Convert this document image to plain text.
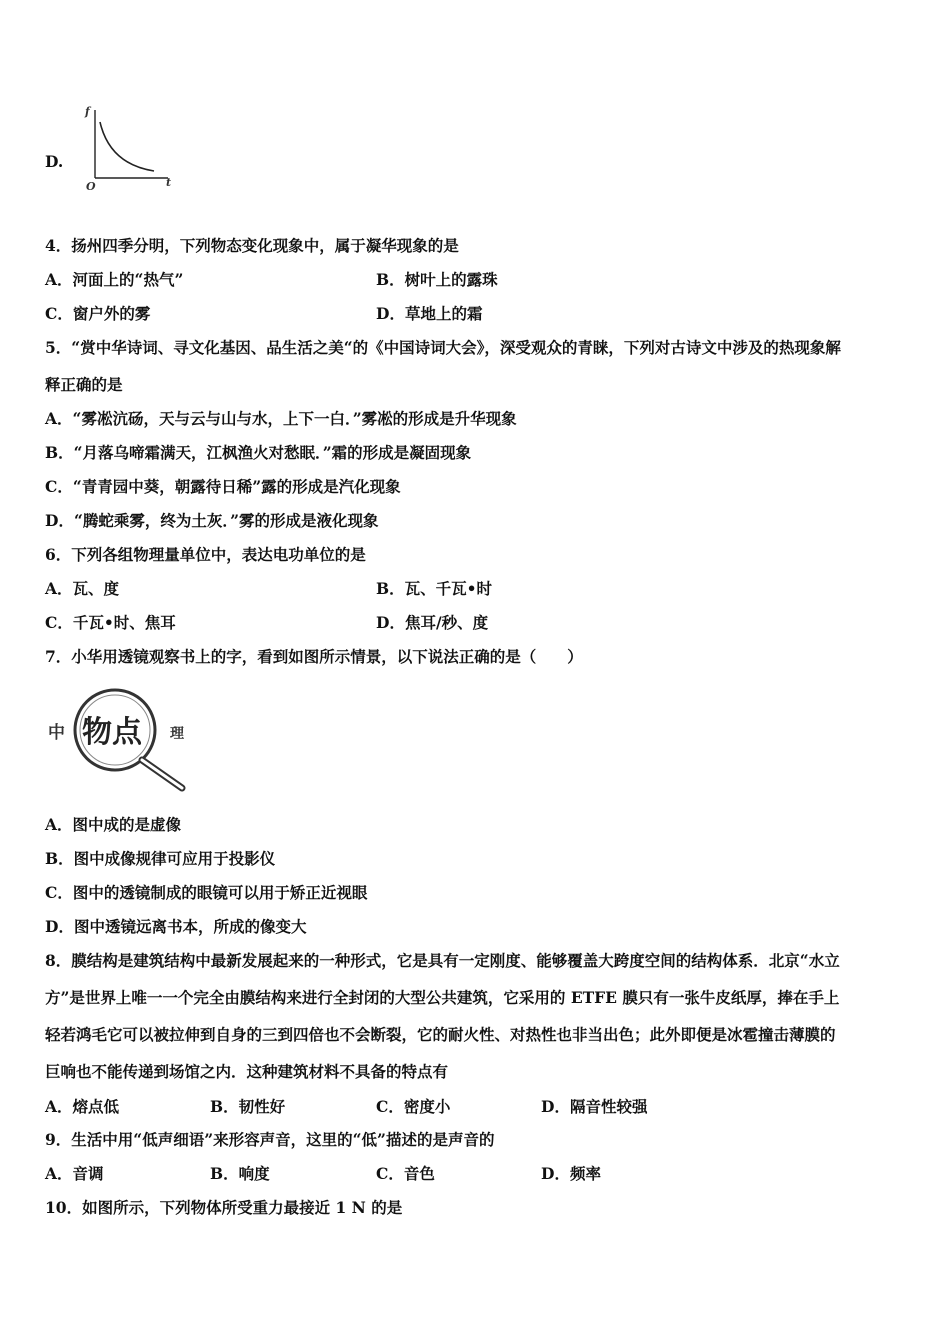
D.
f
t
O
4．扬州四季分明，下列物态变化现象中，属于凝华现象的是
A．河面上的“热气”	B．树叶上的露珠
C．窗户外的雾	D．草地上的霜
5．“赏中华诗词、寻文化基因、品生活之美“的《中国诗词大会》，深受观众的青睐，下列对古诗文中涉及的热现象解
释正确的是
A．“雾凇沆砀，天与云与山与水，上下一白．”雾凇的形成是升华现象
B．“月落乌啼霜满天，江枫渔火对愁眠．”霜的形成是凝固现象
C．“青青园中葵，朝露待日稀”露的形成是汽化现象
D．“腾蛇乘雾，终为土灰．”雾的形成是液化现象
6．下列各组物理量单位中，表达电功单位的是
A．瓦、度	B．瓦、千瓦•时
C．千瓦•时、焦耳	D．焦耳/秒、度
7．小华用透镜观察书上的字，看到如图所示情景，以下说法正确的是（　　）
中 物点 理
A．图中成的是虚像
B．图中成像规律可应用于投影仪
C．图中的透镜制成的眼镜可以用于矫正近视眼
D．图中透镜远离书本，所成的像变大
8．膜结构是建筑结构中最新发展起来的一种形式，它是具有一定刚度、能够覆盖大跨度空间的结构体系．北京“水立
方”是世界上唯一一个完全由膜结构来进行全封闭的大型公共建筑，它采用的 ETFE 膜只有一张牛皮纸厚，捧在手上
轻若鸿毛它可以被拉伸到自身的三到四倍也不会断裂，它的耐火性、对热性也非当出色；此外即便是冰雹撞击薄膜的
巨响也不能传递到场馆之内．这种建筑材料不具备的特点有
A．熔点低	B．韧性好	C．密度小	D．隔音性较强
9．生活中用“低声细语”来形容声音，这里的“低”描述的是声音的
A．音调	B．响度	C．音色	D．频率
10．如图所示，下列物体所受重力最接近 1 N 的是
